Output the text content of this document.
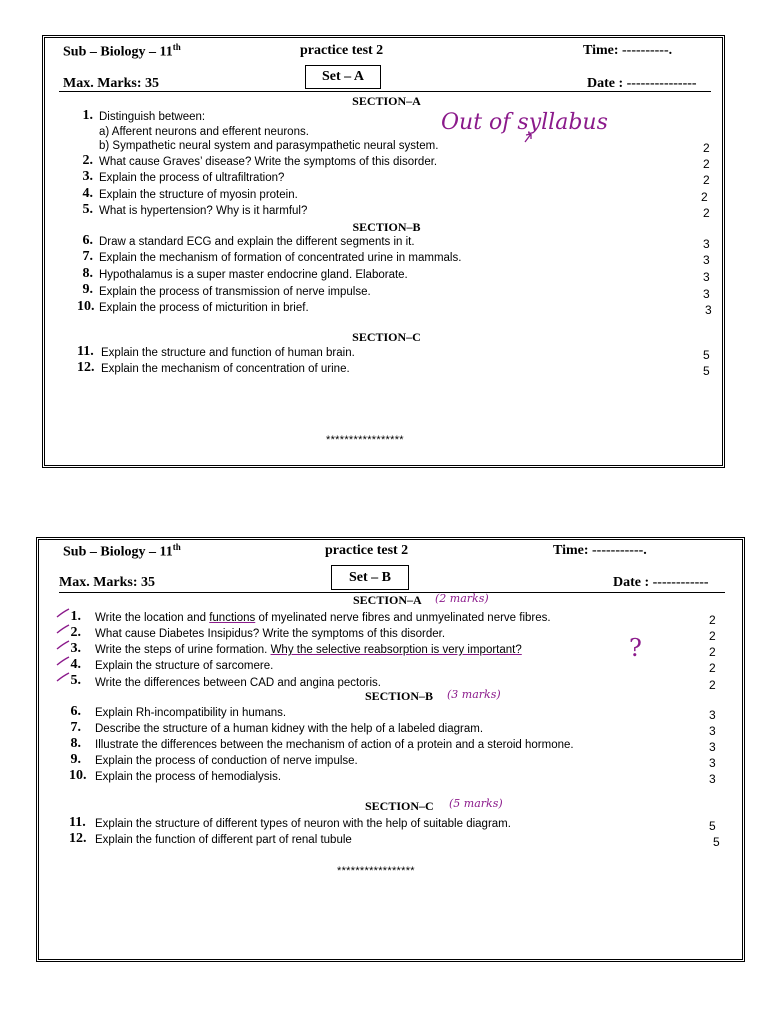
Sub – Biology – 11th	practice test 2	Time: ----------.
Max. Marks: 35	Set – A	Date : ---------------
SECTION–A
1. Distinguish between:
a) Afferent neurons and efferent neurons.
b) Sympathetic neural system and parasympathetic neural system.	2
2. What cause Graves’ disease? Write the symptoms of this disorder.	2
3. Explain the process of ultrafiltration?	2
4. Explain the structure of myosin protein.	2
5. What is hypertension? Why is it harmful?	2
SECTION–B
6. Draw a standard ECG and explain the different segments in it.	3
7. Explain the mechanism of formation of concentrated urine in mammals.	3
8. Hypothalamus is a super master endocrine gland. Elaborate.	3
9. Explain the process of transmission of nerve impulse.	3
10. Explain the process of micturition in brief.	3
SECTION–C
11. Explain the structure and function of human brain.	5
12. Explain the mechanism of concentration of urine.	5
*****************
Out of syllabus
Sub – Biology – 11th	practice test 2	Time: -----------.
Max. Marks: 35	Set – B	Date : ------------
SECTION–A (2 marks)
1. Write the location and functions of myelinated nerve fibres and unmyelinated nerve fibres.	2
2. What cause Diabetes Insipidus? Write the symptoms of this disorder.	2
3. Write the steps of urine formation. Why the selective reabsorption is very important?	?	2
4. Explain the structure of sarcomere.	2
5. Write the differences between CAD and angina pectoris.	2
SECTION–B (3 marks)
6. Explain Rh-incompatibility in humans.	3
7. Describe the structure of a human kidney with the help of a labeled diagram.	3
8. Illustrate the differences between the mechanism of action of a protein and a steroid hormone.	3
9. Explain the process of conduction of nerve impulse.	3
10. Explain the process of hemodialysis.	3
SECTION–C (5 marks)
11. Explain the structure of different types of neuron with the help of suitable diagram.	5
12. Explain the function of different part of renal tubule	5
*****************
